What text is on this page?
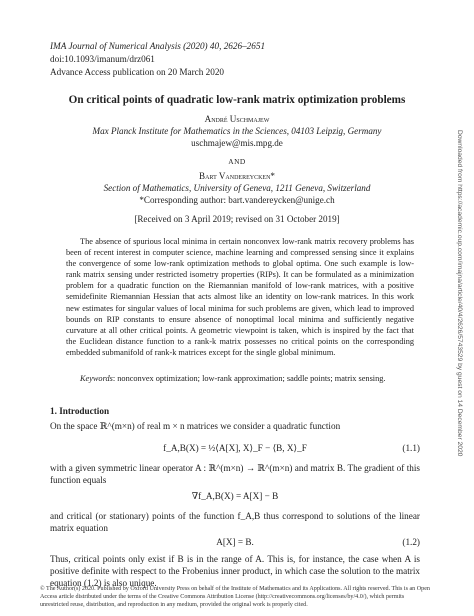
IMA Journal of Numerical Analysis (2020) 40, 2626–2651
doi:10.1093/imanum/drz061
Advance Access publication on 20 March 2020
On critical points of quadratic low-rank matrix optimization problems
André Uschmajew
Max Planck Institute for Mathematics in the Sciences, 04103 Leipzig, Germany
uschmajew@mis.mpg.de
AND
Bart Vandereycken*
Section of Mathematics, University of Geneva, 1211 Geneva, Switzerland
*Corresponding author: bart.vandereycken@unige.ch
[Received on 3 April 2019; revised on 31 October 2019]
The absence of spurious local minima in certain nonconvex low-rank matrix recovery problems has been of recent interest in computer science, machine learning and compressed sensing since it explains the convergence of some low-rank optimization methods to global optima. One such example is low-rank matrix sensing under restricted isometry properties (RIPs). It can be formulated as a minimization problem for a quadratic function on the Riemannian manifold of low-rank matrices, with a positive semidefinite Riemannian Hessian that acts almost like an identity on low-rank matrices. In this work new estimates for singular values of local minima for such problems are given, which lead to improved bounds on RIP constants to ensure absence of nonoptimal local minima and sufficiently negative curvature at all other critical points. A geometric viewpoint is taken, which is inspired by the fact that the Euclidean distance function to a rank-k matrix possesses no critical points on the corresponding embedded submanifold of rank-k matrices except for the single global minimum.
Keywords: nonconvex optimization; low-rank approximation; saddle points; matrix sensing.
1. Introduction
On the space ℝ^(m×n) of real m × n matrices we consider a quadratic function
f_A,B(X) = ½⟨A[X], X⟩_F − ⟨B, X⟩_F	(1.1)
with a given symmetric linear operator A : ℝ^(m×n) → ℝ^(m×n) and matrix B. The gradient of this function equals
∇f_A,B(X) = A[X] − B
and critical (or stationary) points of the function f_A,B thus correspond to solutions of the linear matrix equation
A[X] = B.	(1.2)
Thus, critical points only exist if B is in the range of A. This is, for instance, the case when A is positive definite with respect to the Frobenius inner product, in which case the solution to the matrix equation (1.2) is also unique.
© The Author(s) 2020. Published by Oxford University Press on behalf of the Institute of Mathematics and its Applications. All rights reserved. This is an Open Access article distributed under the terms of the Creative Commons Attribution License (http://creativecommons.org/licenses/by/4.0/), which permits unrestricted reuse, distribution, and reproduction in any medium, provided the original work is properly cited.
Downloaded from https://academic.oup.com/imajna/article/40/4/2626/5743529 by guest on 14 December 2020
